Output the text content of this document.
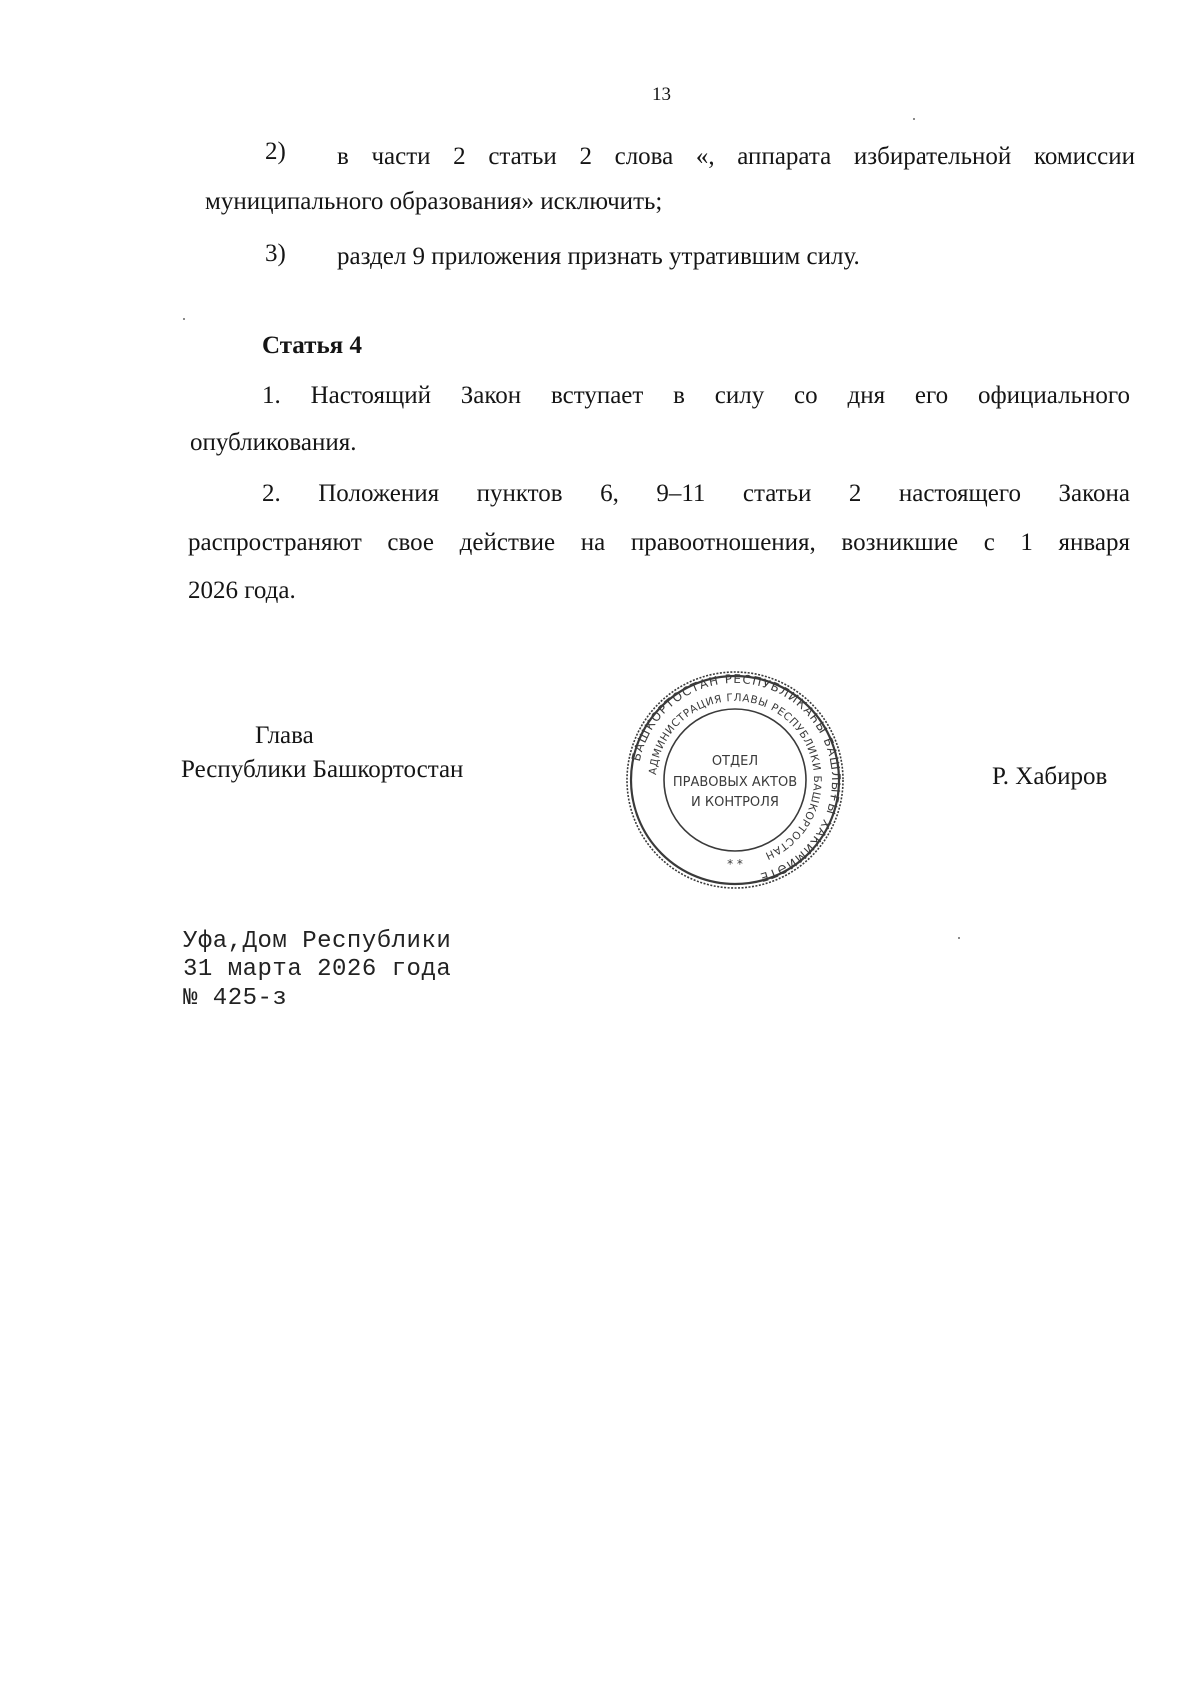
13
2) в части 2 статьи 2 слова «, аппарата избирательной комиссии
муниципального образования» исключить;
3) раздел 9 приложения признать утратившим силу.
Статья 4
1. Настоящий Закон вступает в силу со дня его официального
опубликования.
2. Положения пунктов 6, 9–11 статьи 2 настоящего Закона
распространяют свое действие на правоотношения, возникшие с 1 января
2026 года.
Глава
Республики Башкортостан	Р. Хабиров
БАШКОРТОСТАН РЕСПУБЛИКАҺЫ БАШЛЫҒЫ ХАКИМИӘТЕ
АДМИНИСТРАЦИЯ ГЛАВЫ РЕСПУБЛИКИ БАШКОРТОСТАН
ОТДЕЛ
ПРАВОВЫХ АКТОВ
И КОНТРОЛЯ
* *
Уфа,Дом Республики
31 марта 2026 года
№ 425-з
